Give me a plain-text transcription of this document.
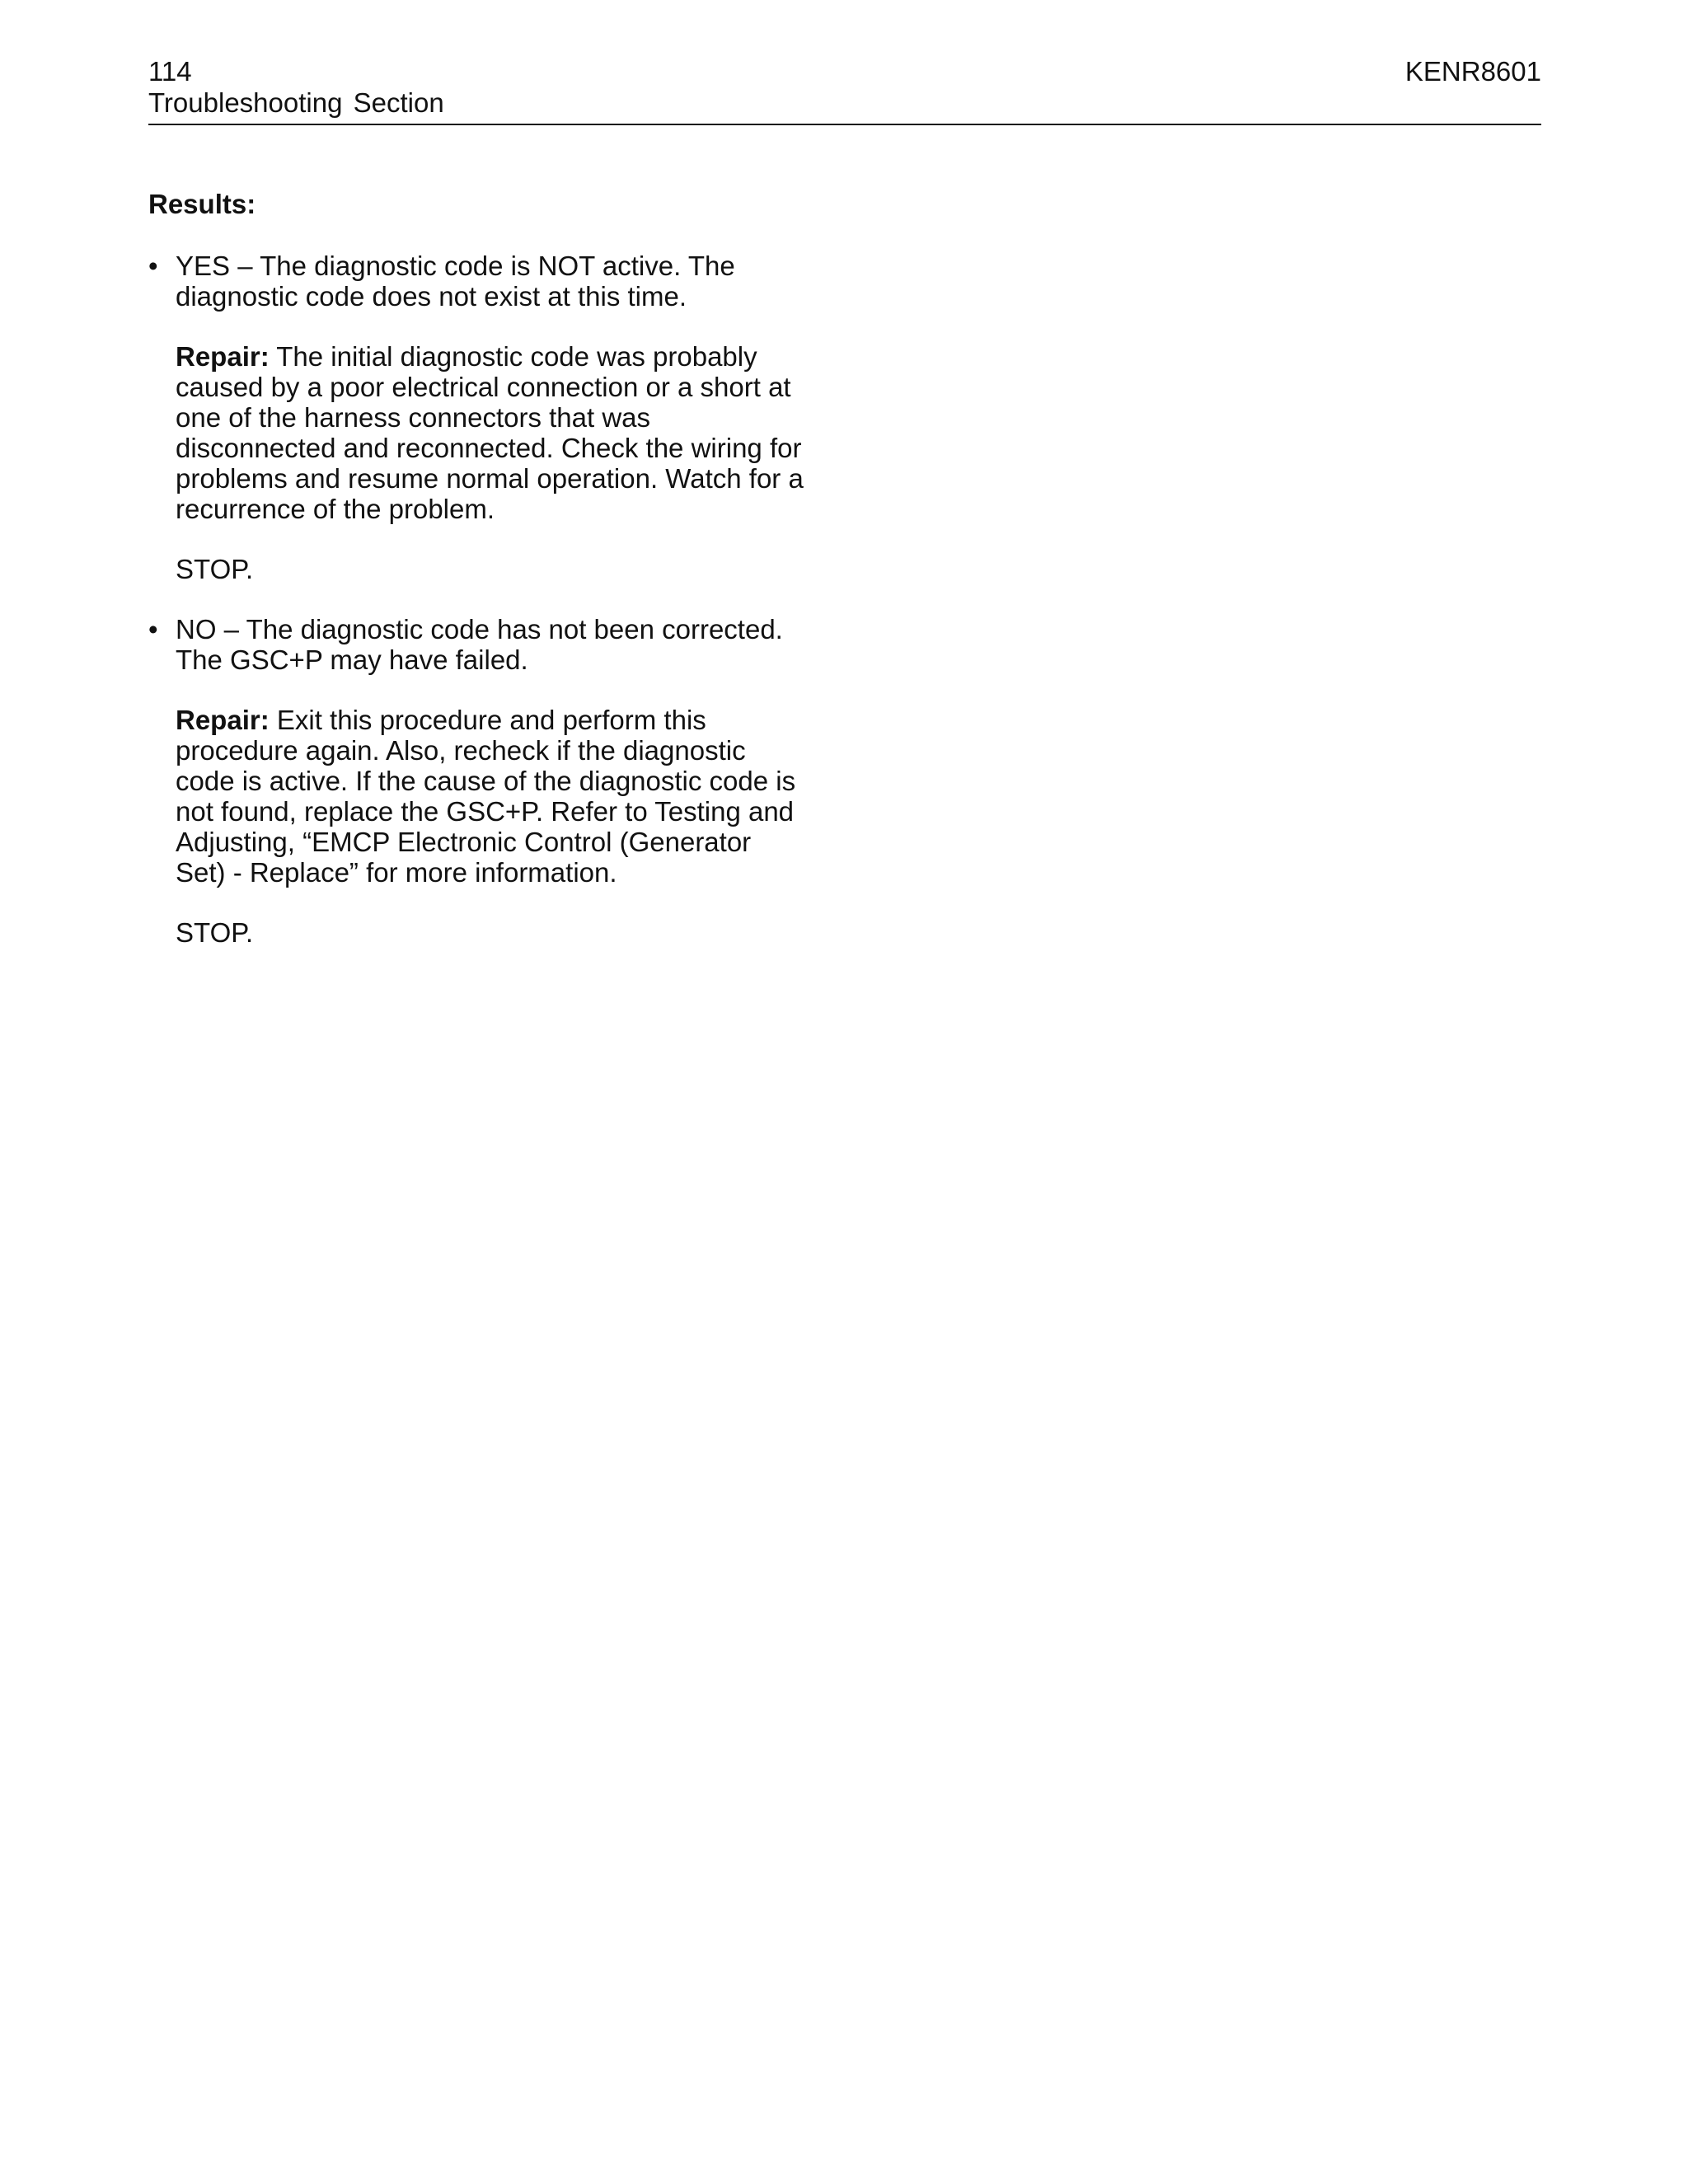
114	KENR8601
Troubleshooting Section
Results:
• YES – The diagnostic code is NOT active. The diagnostic code does not exist at this time.

Repair: The initial diagnostic code was probably caused by a poor electrical connection or a short at one of the harness connectors that was disconnected and reconnected. Check the wiring for problems and resume normal operation. Watch for a recurrence of the problem.

STOP.

• NO – The diagnostic code has not been corrected. The GSC+P may have failed.

Repair: Exit this procedure and perform this procedure again. Also, recheck if the diagnostic code is active. If the cause of the diagnostic code is not found, replace the GSC+P. Refer to Testing and Adjusting, “EMCP Electronic Control (Generator Set) - Replace” for more information.

STOP.
